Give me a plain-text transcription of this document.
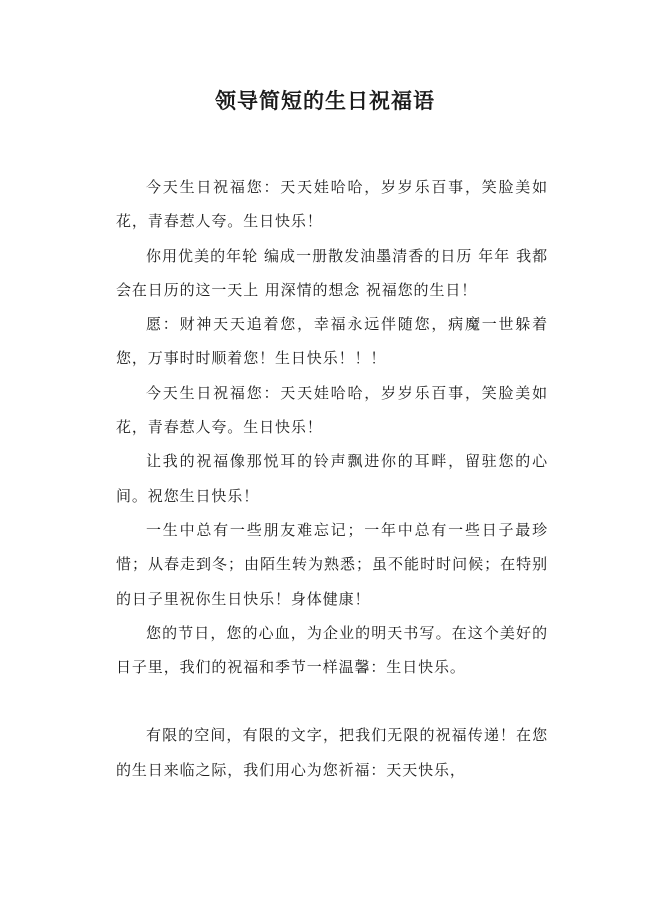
领导简短的生日祝福语

今天生日祝福您：天天娃哈哈，岁岁乐百事，笑脸美如花，青春惹人夸。生日快乐！

你用优美的年轮 编成一册散发油墨清香的日历 年年 我都会在日历的这一天上 用深情的想念 祝福您的生日！

愿：财神天天追着您，幸福永远伴随您，病魔一世躲着您，万事时时顺着您！生日快乐！！！

今天生日祝福您：天天娃哈哈，岁岁乐百事，笑脸美如花，青春惹人夸。生日快乐！

让我的祝福像那悦耳的铃声飘进你的耳畔，留驻您的心间。祝您生日快乐！

一生中总有一些朋友难忘记；一年中总有一些日子最珍惜；从春走到冬；由陌生转为熟悉；虽不能时时问候；在特别的日子里祝你生日快乐！身体健康！

您的节日，您的心血，为企业的明天书写。在这个美好的日子里，我们的祝福和季节一样温馨：生日快乐。

有限的空间，有限的文字，把我们无限的祝福传递！在您的生日来临之际，我们用心为您祈福：天天快乐，
